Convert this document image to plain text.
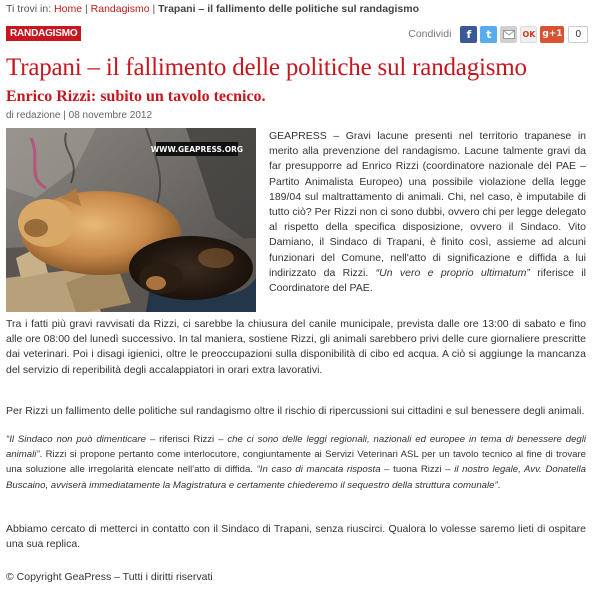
Ti trovi in: Home | Randagismo | Trapani – il fallimento delle politiche sul randagismo
RANDAGISMO	Condividi	f	t	OK g+1	0
Trapani – il fallimento delle politiche sul randagismo
Enrico Rizzi: subito un tavolo tecnico.
di redazione | 08 novembre 2012
WWW.GEAPRESS.ORG
GEAPRESS – Gravi lacune presenti nel territorio trapanese in merito alla prevenzione del randagismo. Lacune talmente gravi da far presupporre ad Enrico Rizzi (coordinatore nazionale del PAE – Partito Animalista Europeo) una possibile violazione della legge 189/04 sul maltrattamento di animali. Chi, nel caso, è imputabile di tutto ciò? Per Rizzi non ci sono dubbi, ovvero chi per legge delegato al rispetto della specifica disposizione, ovvero il Sindaco. Vito Damiano, il Sindaco di Trapani, è finito così, assieme ad alcuni funzionari del Comune, nell'atto di significazione e diffida a lui indirizzato da Rizzi. “Un vero e proprio ultimatum” riferisce il Coordinatore del PAE.

Tra i fatti più gravi ravvisati da Rizzi, ci sarebbe la chiusura del canile municipale, prevista dalle ore 13:00 di sabato e fino alle ore 08:00 del lunedì successivo. In tal maniera, sostiene Rizzi, gli animali sarebbero privi delle cure giornaliere prescritte dai veterinari. Poi i disagi igienici, oltre le preoccupazioni sulla disponibilità di cibo ed acqua. A ciò si aggiunge la mancanza del servizio di reperibilità degli accalappiatori in orari extra lavorativi.

Per Rizzi un fallimento delle politiche sul randagismo oltre il rischio di ripercussioni sui cittadini e sul benessere degli animali.

“Il Sindaco non può dimenticare – riferisci Rizzi – che ci sono delle leggi regionali, nazionali ed europee in tema di benessere degli animali”. Rizzi si propone pertanto come interlocutore, congiuntamente ai Servizi Veterinari ASL per un tavolo tecnico al fine di trovare una soluzione alle irregolarità elencate nell'atto di diffida. “In caso di mancata risposta – tuona Rizzi – il nostro legale, Avv. Donatella Buscaino, avviserà immediatamente la Magistratura e certamente chiederemo il sequestro della struttura comunale”.

Abbiamo cercato di metterci in contatto con il Sindaco di Trapani, senza riuscirci. Qualora lo volesse saremo lieti di ospitare una sua replica.

© Copyright GeaPress – Tutti i diritti riservati
